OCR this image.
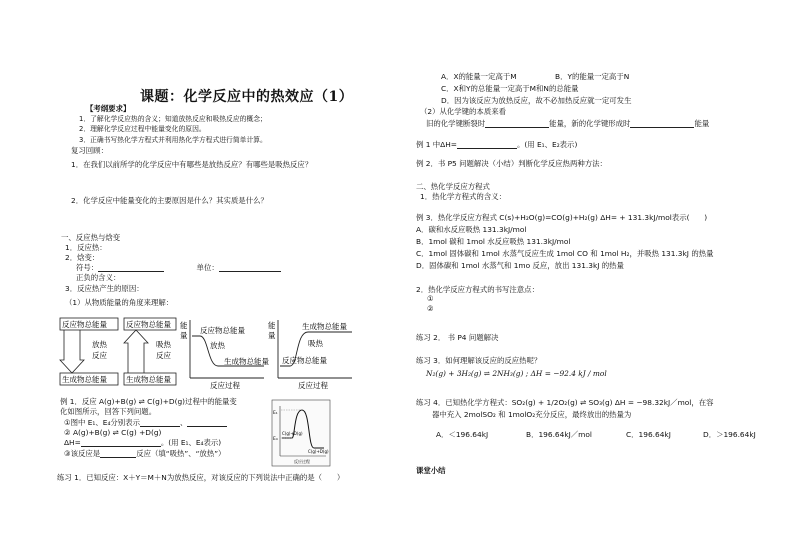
课题：化学反应中的热效应（1）
【考纲要求】
1．了解化学反应热的含义；知道放热反应和吸热反应的概念；
2．理解化学反应过程中能量变化的原因。
3．正确书写热化学方程式并利用热化学方程式进行简单计算。
复习回顾：
1．在我们以前所学的化学反应中有哪些是放热反应？有哪些是吸热反应？
2．化学反应中能量变化的主要原因是什么？其实质是什么？
一、反应热与焓变
1．反应热：
2．焓变：
符号：	单位：
正负的含义：
3．反应热产生的原因：
（1）从物质能量的角度来理解：
反应物总能量
放热
反应
生成物总能量
反应物总能量
吸热
反应
生成物总能量
能
量
反应物总能量
放热
生成物总能量
反应过程
能
量
生成物总能量
吸热
反应物总能量
反应过程
例 1．反应 A(g)+B(g) ⇌ C(g)+D(g)过程中的能量变
化如图所示，回答下列问题。
①图中 E₁、E₄分别表示	、
② A(g)+B(g) ⇌ C(g) +D(g)
ΔH=	。(用 E₁、E₄表示)
③该反应是	反应（填“吸热”、“放热”）
E₁
E₄
C(g)+D(g)
C(g)+D(g)
反应过程
练习 1．已知反应：X＋Y＝M＋N为放热反应，对该反应的下列说法中正确的是（　　）
A．X的能量一定高于M	B．Y的能量一定高于N
C．X和Y的总能量一定高于M和N的总能量
D．因为该反应为放热反应，故不必加热反应就一定可发生
（2）从化学键的本质来看
旧的化学键断裂时	能量，新的化学键形成时	能量
例 1 中ΔH=	。(用 E₁、E₂表示)
例 2．书 P5 问题解决（小结）判断化学反应热两种方法：
二、热化学反应方程式
1．热化学方程式的含义：
例 3．热化学反应方程式 C(s)+H₂O(g)=CO(g)+H₂(g) ΔH= + 131.3kJ/mol表示(　　)
A．碳和水反应吸热 131.3kJ/mol
B．1mol 碳和 1mol 水反应吸热 131.3kJ/mol
C．1mol 固体碳和 1mol 水蒸气反应生成 1mol CO 和 1mol H₂，并吸热 131.3kJ 的热量
D．固体碳和 1mol 水蒸气和 1mo 反应，放出 131.3kJ 的热量
2．热化学反应方程式的书写注意点：
①
②
练习 2． 书 P4 问题解决
练习 3．如何理解该反应的反应热呢？
N₂(g) + 3H₂(g) ⇌ 2NH₃(g) ; ΔH = −92.4 kJ / mol
练习 4．已知热化学方程式：SO₂(g) + 1/2O₂(g) ⇌ SO₃(g) ΔH = −98.32kJ／mol，在容
器中充入 2molSO₂ 和 1molO₂充分反应，最终放出的热量为
A．＜196.64kJ	B．196.64kJ／mol	C．196.64kJ	D．＞196.64kJ
课堂小结
